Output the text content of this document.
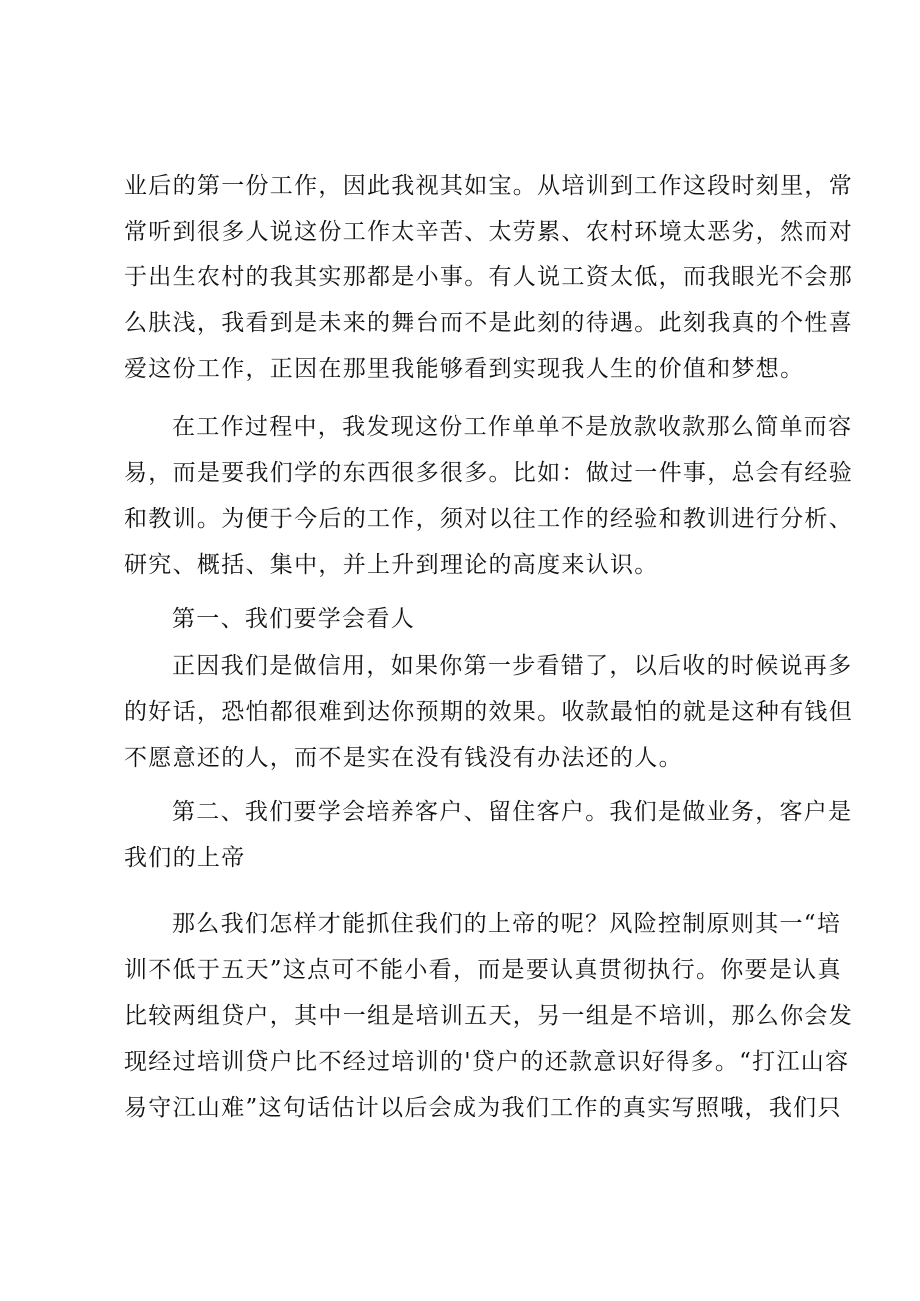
业后的第一份工作，因此我视其如宝。从培训到工作这段时刻里，常
常听到很多人说这份工作太辛苦、太劳累、农村环境太恶劣，然而对
于出生农村的我其实那都是小事。有人说工资太低，而我眼光不会那
么肤浅，我看到是未来的舞台而不是此刻的待遇。此刻我真的个性喜
爱这份工作，正因在那里我能够看到实现我人生的价值和梦想。
在工作过程中，我发现这份工作单单不是放款收款那么简单而容
易，而是要我们学的东西很多很多。比如：做过一件事，总会有经验
和教训。为便于今后的工作，须对以往工作的经验和教训进行分析、
研究、概括、集中，并上升到理论的高度来认识。
第一、我们要学会看人
正因我们是做信用，如果你第一步看错了，以后收的时候说再多
的好话，恐怕都很难到达你预期的效果。收款最怕的就是这种有钱但
不愿意还的人，而不是实在没有钱没有办法还的人。
第二、我们要学会培养客户、留住客户。我们是做业务，客户是
我们的上帝
那么我们怎样才能抓住我们的上帝的呢？风险控制原则其一“培
训不低于五天”这点可不能小看，而是要认真贯彻执行。你要是认真
比较两组贷户，其中一组是培训五天，另一组是不培训，那么你会发
现经过培训贷户比不经过培训的'贷户的还款意识好得多。“打江山容
易守江山难”这句话估计以后会成为我们工作的真实写照哦，我们只
